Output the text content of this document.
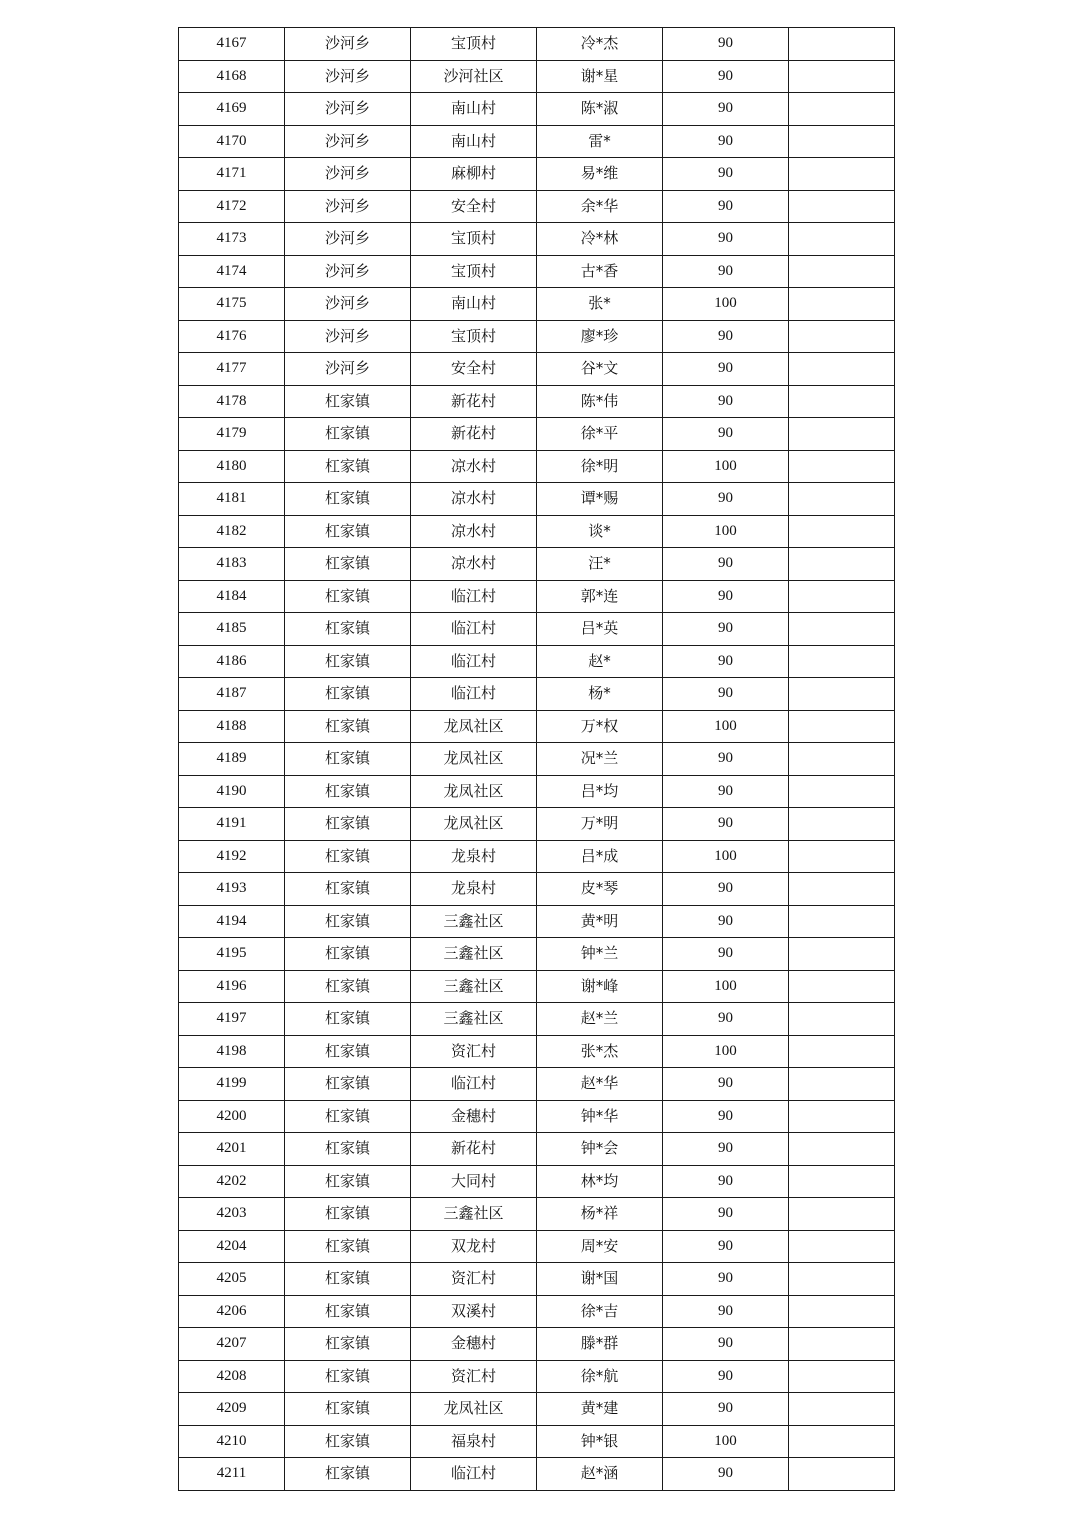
4167	沙河乡	宝顶村	冷*杰	90	
4168	沙河乡	沙河社区	谢*星	90	
4169	沙河乡	南山村	陈*淑	90	
4170	沙河乡	南山村	雷*	90	
4171	沙河乡	麻柳村	易*维	90	
4172	沙河乡	安全村	余*华	90	
4173	沙河乡	宝顶村	冷*林	90	
4174	沙河乡	宝顶村	古*香	90	
4175	沙河乡	南山村	张*	100	
4176	沙河乡	宝顶村	廖*珍	90	
4177	沙河乡	安全村	谷*文	90	
4178	杠家镇	新花村	陈*伟	90	
4179	杠家镇	新花村	徐*平	90	
4180	杠家镇	凉水村	徐*明	100	
4181	杠家镇	凉水村	谭*赐	90	
4182	杠家镇	凉水村	谈*	100	
4183	杠家镇	凉水村	汪*	90	
4184	杠家镇	临江村	郭*连	90	
4185	杠家镇	临江村	吕*英	90	
4186	杠家镇	临江村	赵*	90	
4187	杠家镇	临江村	杨*	90	
4188	杠家镇	龙凤社区	万*权	100	
4189	杠家镇	龙凤社区	况*兰	90	
4190	杠家镇	龙凤社区	吕*均	90	
4191	杠家镇	龙凤社区	万*明	90	
4192	杠家镇	龙泉村	吕*成	100	
4193	杠家镇	龙泉村	皮*琴	90	
4194	杠家镇	三鑫社区	黄*明	90	
4195	杠家镇	三鑫社区	钟*兰	90	
4196	杠家镇	三鑫社区	谢*峰	100	
4197	杠家镇	三鑫社区	赵*兰	90	
4198	杠家镇	资汇村	张*杰	100	
4199	杠家镇	临江村	赵*华	90	
4200	杠家镇	金穗村	钟*华	90	
4201	杠家镇	新花村	钟*会	90	
4202	杠家镇	大同村	林*均	90	
4203	杠家镇	三鑫社区	杨*祥	90	
4204	杠家镇	双龙村	周*安	90	
4205	杠家镇	资汇村	谢*国	90	
4206	杠家镇	双溪村	徐*吉	90	
4207	杠家镇	金穗村	滕*群	90	
4208	杠家镇	资汇村	徐*航	90	
4209	杠家镇	龙凤社区	黄*建	90	
4210	杠家镇	福泉村	钟*银	100	
4211	杠家镇	临江村	赵*涵	90	
